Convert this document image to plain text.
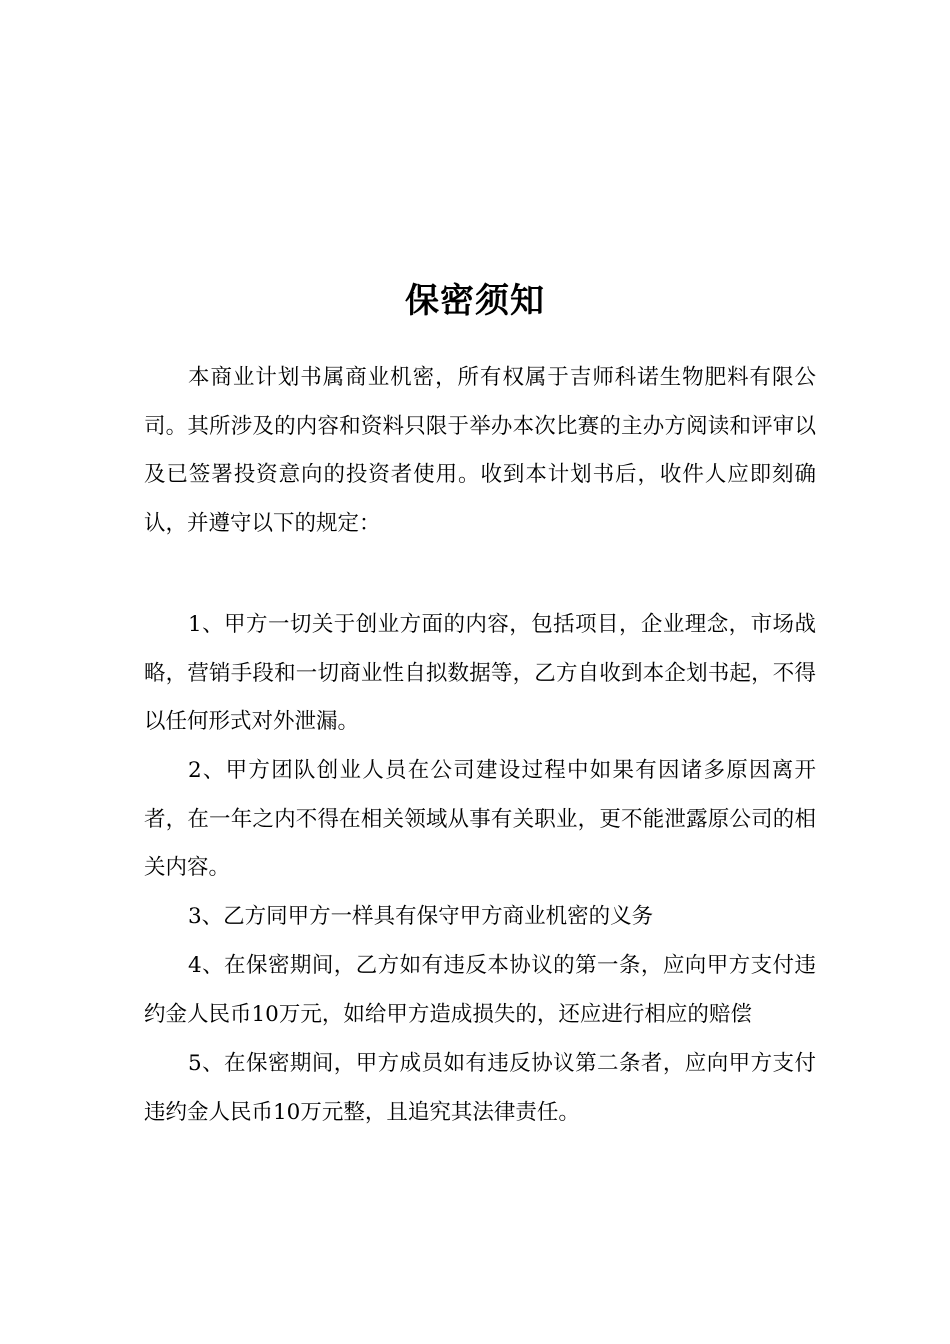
保密须知

本商业计划书属商业机密，所有权属于吉师科诺生物肥料有限公司。其所涉及的内容和资料只限于举办本次比赛的主办方阅读和评审以及已签署投资意向的投资者使用。收到本计划书后，收件人应即刻确认，并遵守以下的规定：

1、甲方一切关于创业方面的内容，包括项目，企业理念，市场战略，营销手段和一切商业性自拟数据等，乙方自收到本企划书起，不得以任何形式对外泄漏。

2、甲方团队创业人员在公司建设过程中如果有因诸多原因离开者，在一年之内不得在相关领域从事有关职业，更不能泄露原公司的相关内容。

3、乙方同甲方一样具有保守甲方商业机密的义务

4、在保密期间，乙方如有违反本协议的第一条，应向甲方支付违约金人民币10万元，如给甲方造成损失的，还应进行相应的赔偿

5、在保密期间，甲方成员如有违反协议第二条者，应向甲方支付违约金人民币10万元整，且追究其法律责任。
